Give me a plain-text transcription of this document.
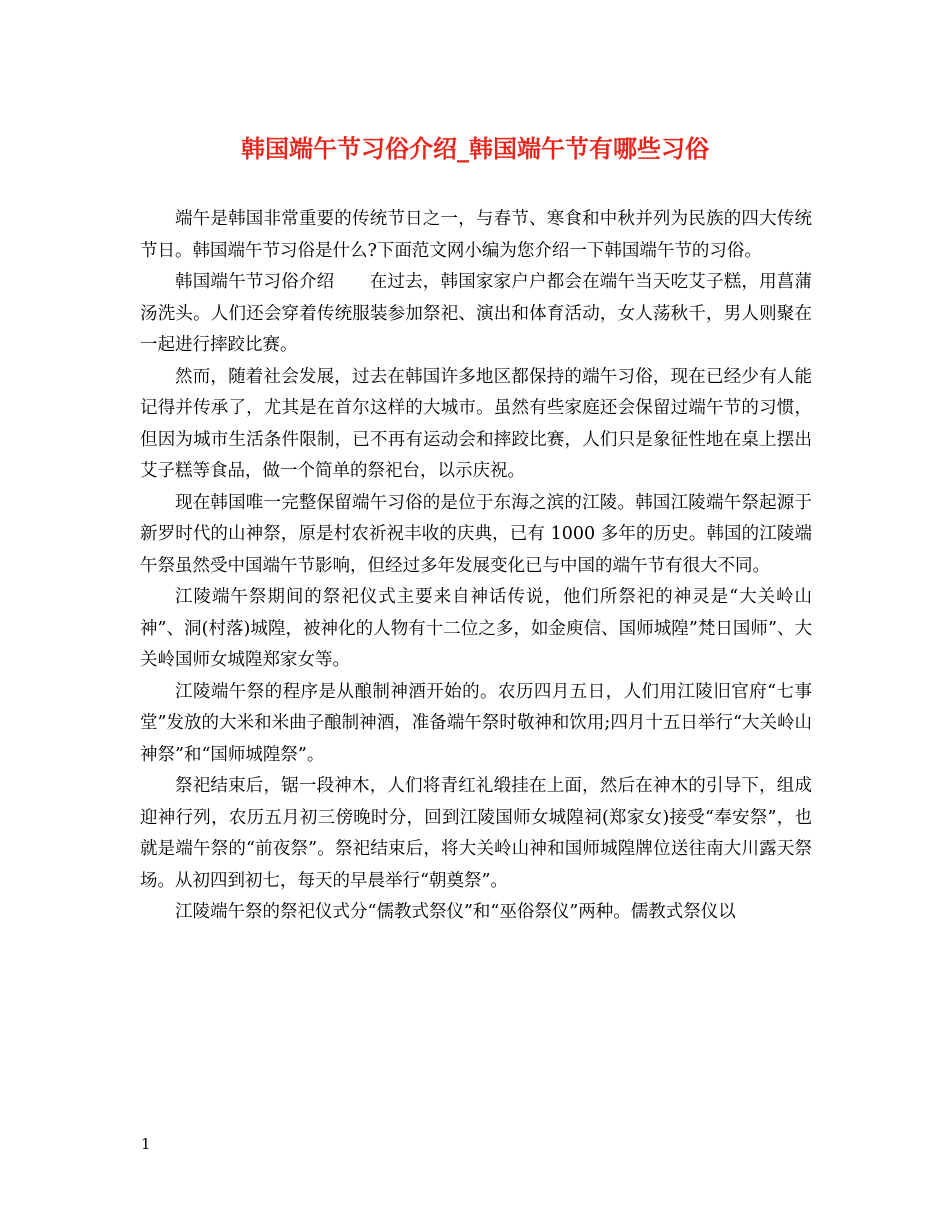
韩国端午节习俗介绍_韩国端午节有哪些习俗

端午是韩国非常重要的传统节日之一，与春节、寒食和中秋并列为民族的四大传统节日。韩国端午节习俗是什么?下面范文网小编为您介绍一下韩国端午节的习俗。

韩国端午节习俗介绍　　在过去，韩国家家户户都会在端午当天吃艾子糕，用菖蒲汤洗头。人们还会穿着传统服装参加祭祀、演出和体育活动，女人荡秋千，男人则聚在一起进行摔跤比赛。

然而，随着社会发展，过去在韩国许多地区都保持的端午习俗，现在已经少有人能记得并传承了，尤其是在首尔这样的大城市。虽然有些家庭还会保留过端午节的习惯，但因为城市生活条件限制，已不再有运动会和摔跤比赛，人们只是象征性地在桌上摆出艾子糕等食品，做一个简单的祭祀台，以示庆祝。

现在韩国唯一完整保留端午习俗的是位于东海之滨的江陵。韩国江陵端午祭起源于新罗时代的山神祭，原是村农祈祝丰收的庆典，已有 1000 多年的历史。韩国的江陵端午祭虽然受中国端午节影响，但经过多年发展变化已与中国的端午节有很大不同。

江陵端午祭期间的祭祀仪式主要来自神话传说，他们所祭祀的神灵是“大关岭山神”、洞(村落)城隍，被神化的人物有十二位之多，如金庾信、国师城隍”梵日国师”、大关岭国师女城隍郑家女等。

江陵端午祭的程序是从酿制神酒开始的。农历四月五日，人们用江陵旧官府“七事堂”发放的大米和米曲子酿制神酒，准备端午祭时敬神和饮用;四月十五日举行“大关岭山神祭”和“国师城隍祭”。

祭祀结束后，锯一段神木，人们将青红礼缎挂在上面，然后在神木的引导下，组成迎神行列，农历五月初三傍晚时分，回到江陵国师女城隍祠(郑家女)接受“奉安祭”，也就是端午祭的“前夜祭”。祭祀结束后，将大关岭山神和国师城隍牌位送往南大川露天祭场。从初四到初七，每天的早晨举行“朝奠祭”。

江陵端午祭的祭祀仪式分“儒教式祭仪”和“巫俗祭仪”两种。儒教式祭仪以

1
